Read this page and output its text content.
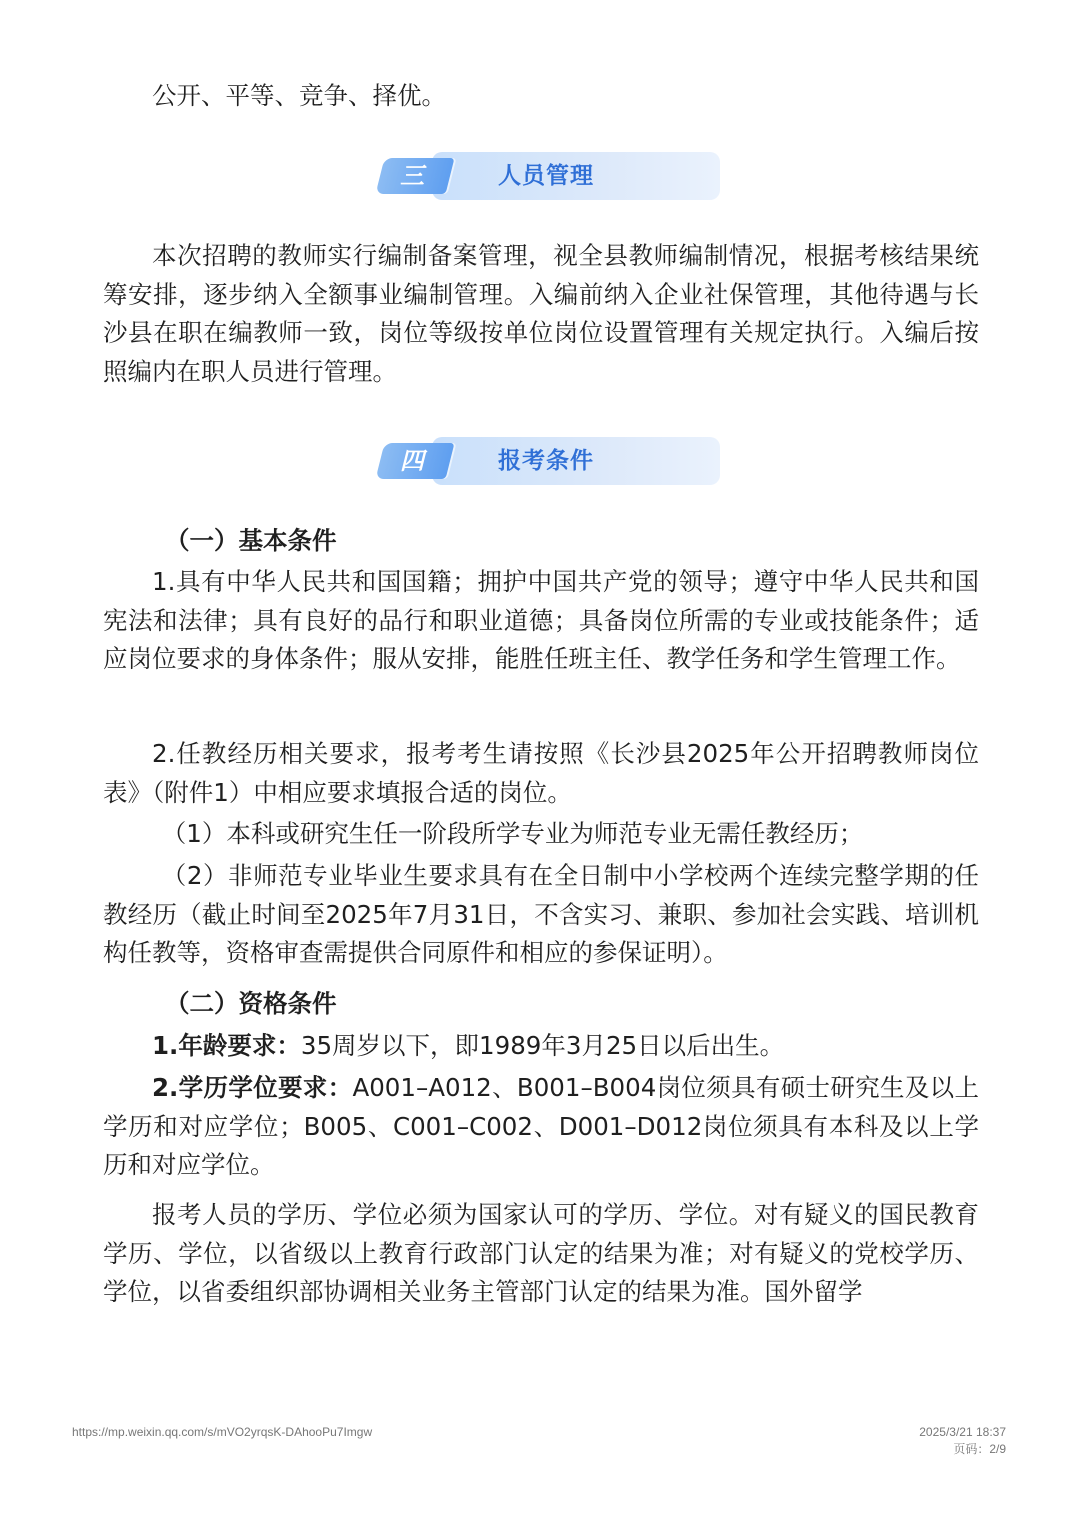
公开、平等、竞争、择优。

三	人员管理

本次招聘的教师实行编制备案管理，视全县教师编制情况，根据考核结果统筹安排，逐步纳入全额事业编制管理。入编前纳入企业社保管理，其他待遇与长沙县在职在编教师一致，岗位等级按单位岗位设置管理有关规定执行。入编后按照编内在职人员进行管理。

四	报考条件

（一）基本条件

1.具有中华人民共和国国籍；拥护中国共产党的领导；遵守中华人民共和国宪法和法律；具有良好的品行和职业道德；具备岗位所需的专业或技能条件；适应岗位要求的身体条件；服从安排，能胜任班主任、教学任务和学生管理工作。

2.任教经历相关要求，报考考生请按照《长沙县2025年公开招聘教师岗位表》（附件1）中相应要求填报合适的岗位。

（1）本科或研究生任一阶段所学专业为师范专业无需任教经历；

（2）非师范专业毕业生要求具有在全日制中小学校两个连续完整学期的任教经历（截止时间至2025年7月31日，不含实习、兼职、参加社会实践、培训机构任教等，资格审查需提供合同原件和相应的参保证明）。

（二）资格条件

1.年龄要求：35周岁以下，即1989年3月25日以后出生。

2.学历学位要求：A001–A012、B001–B004岗位须具有硕士研究生及以上学历和对应学位；B005、C001–C002、D001–D012岗位须具有本科及以上学历和对应学位。

报考人员的学历、学位必须为国家认可的学历、学位。对有疑义的国民教育学历、学位，以省级以上教育行政部门认定的结果为准；对有疑义的党校学历、学位，以省委组织部协调相关业务主管部门认定的结果为准。国外留学

https://mp.weixin.qq.com/s/mVO2yrqsK-DAhooPu7Imgw	2025/3/21 18:37
页码：2/9
